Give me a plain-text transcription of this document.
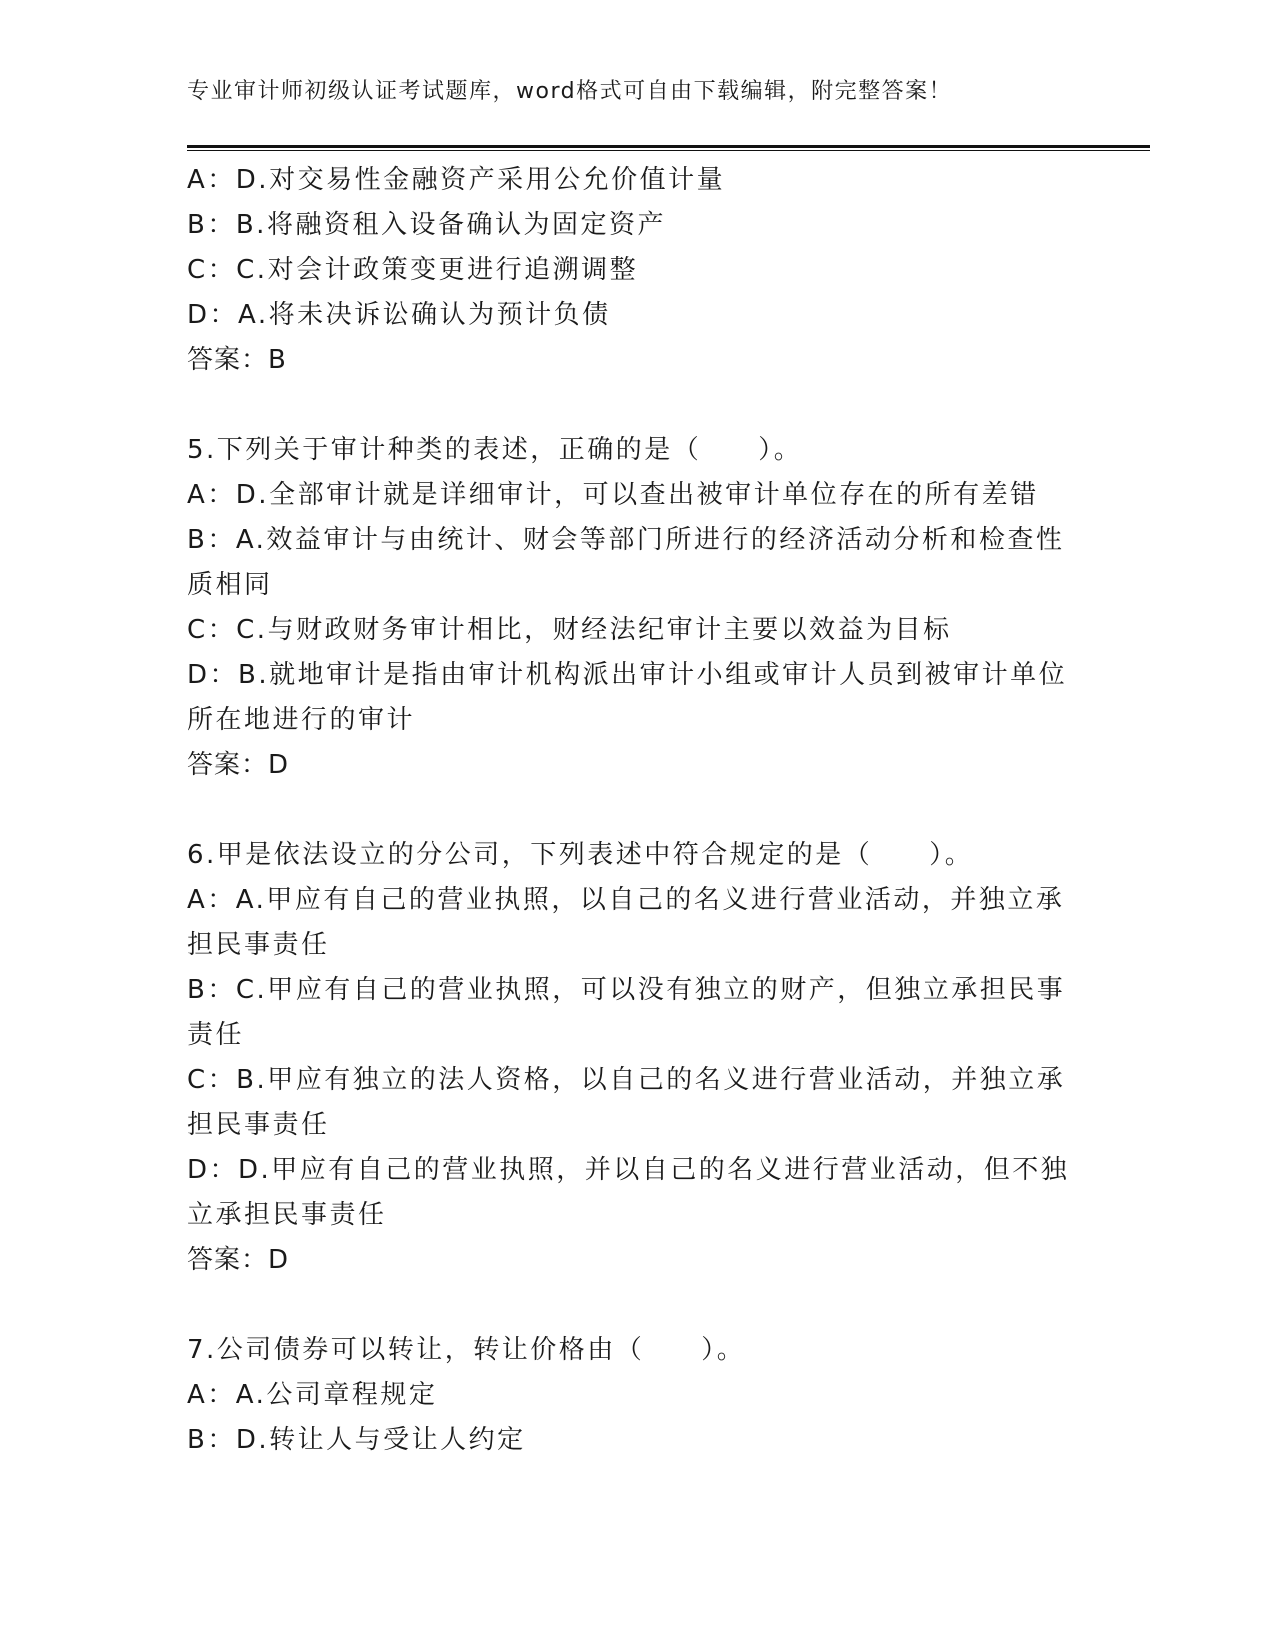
专业审计师初级认证考试题库，word格式可自由下载编辑，附完整答案！
A：D.对交易性金融资产采用公允价值计量
B：B.将融资租入设备确认为固定资产
C：C.对会计政策变更进行追溯调整
D：A.将未决诉讼确认为预计负债
答案：B
5.下列关于审计种类的表述，正确的是（　　）。
A：D.全部审计就是详细审计，可以查出被审计单位存在的所有差错
B：A.效益审计与由统计、财会等部门所进行的经济活动分析和检查性
质相同
C：C.与财政财务审计相比，财经法纪审计主要以效益为目标
D：B.就地审计是指由审计机构派出审计小组或审计人员到被审计单位
所在地进行的审计
答案：D
6.甲是依法设立的分公司，下列表述中符合规定的是（　　）。
A：A.甲应有自己的营业执照，以自己的名义进行营业活动，并独立承
担民事责任
B：C.甲应有自己的营业执照，可以没有独立的财产，但独立承担民事
责任
C：B.甲应有独立的法人资格，以自己的名义进行营业活动，并独立承
担民事责任
D：D.甲应有自己的营业执照，并以自己的名义进行营业活动，但不独
立承担民事责任
答案：D
7.公司债券可以转让，转让价格由（　　）。
A：A.公司章程规定
B：D.转让人与受让人约定
